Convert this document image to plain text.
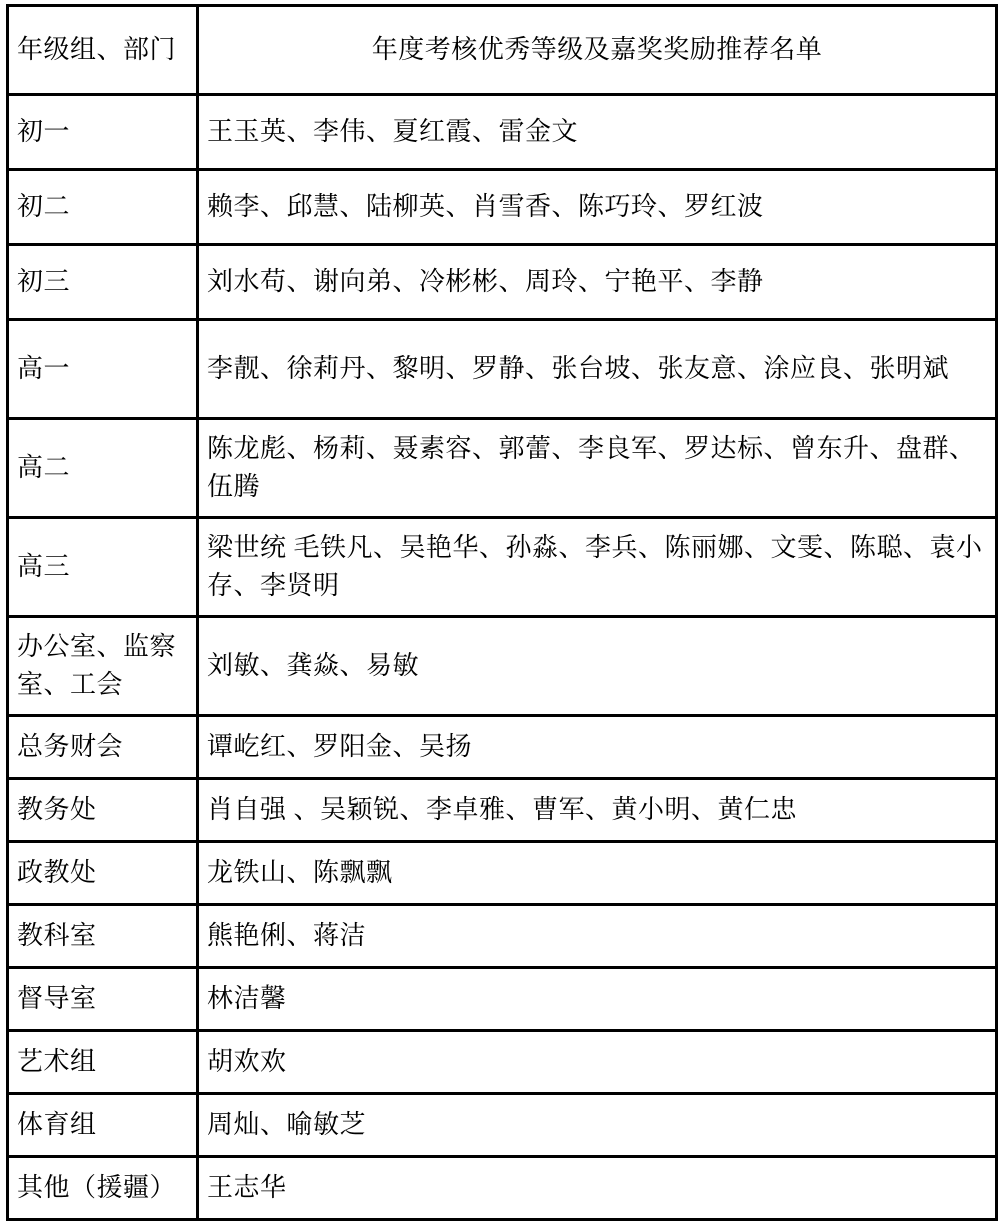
年级组、部门	年度考核优秀等级及嘉奖奖励推荐名单
初一	王玉英、李伟、夏红霞、雷金文
初二	赖李、邱慧、陆柳英、肖雪香、陈巧玲、罗红波
初三	刘水苟、谢向弟、冷彬彬、周玲、宁艳平、李静
高一	李靓、徐莉丹、黎明、罗静、张台坡、张友意、涂应良、张明斌
高二	陈龙彪、杨莉、聂素容、郭蕾、李良军、罗达标、曾东升、盘群、伍腾
高三	梁世统 毛铁凡、吴艳华、孙淼、李兵、陈丽娜、文雯、陈聪、袁小存、李贤明
办公室、监察室、工会	刘敏、龚焱、易敏
总务财会	谭屹红、罗阳金、吴扬
教务处	肖自强 、吴颖锐、李卓雅、曹军、黄小明、黄仁忠
政教处	龙铁山、陈飘飘
教科室	熊艳俐、蒋洁
督导室	林洁馨
艺术组	胡欢欢
体育组	周灿、喻敏芝
其他（援疆）	王志华
